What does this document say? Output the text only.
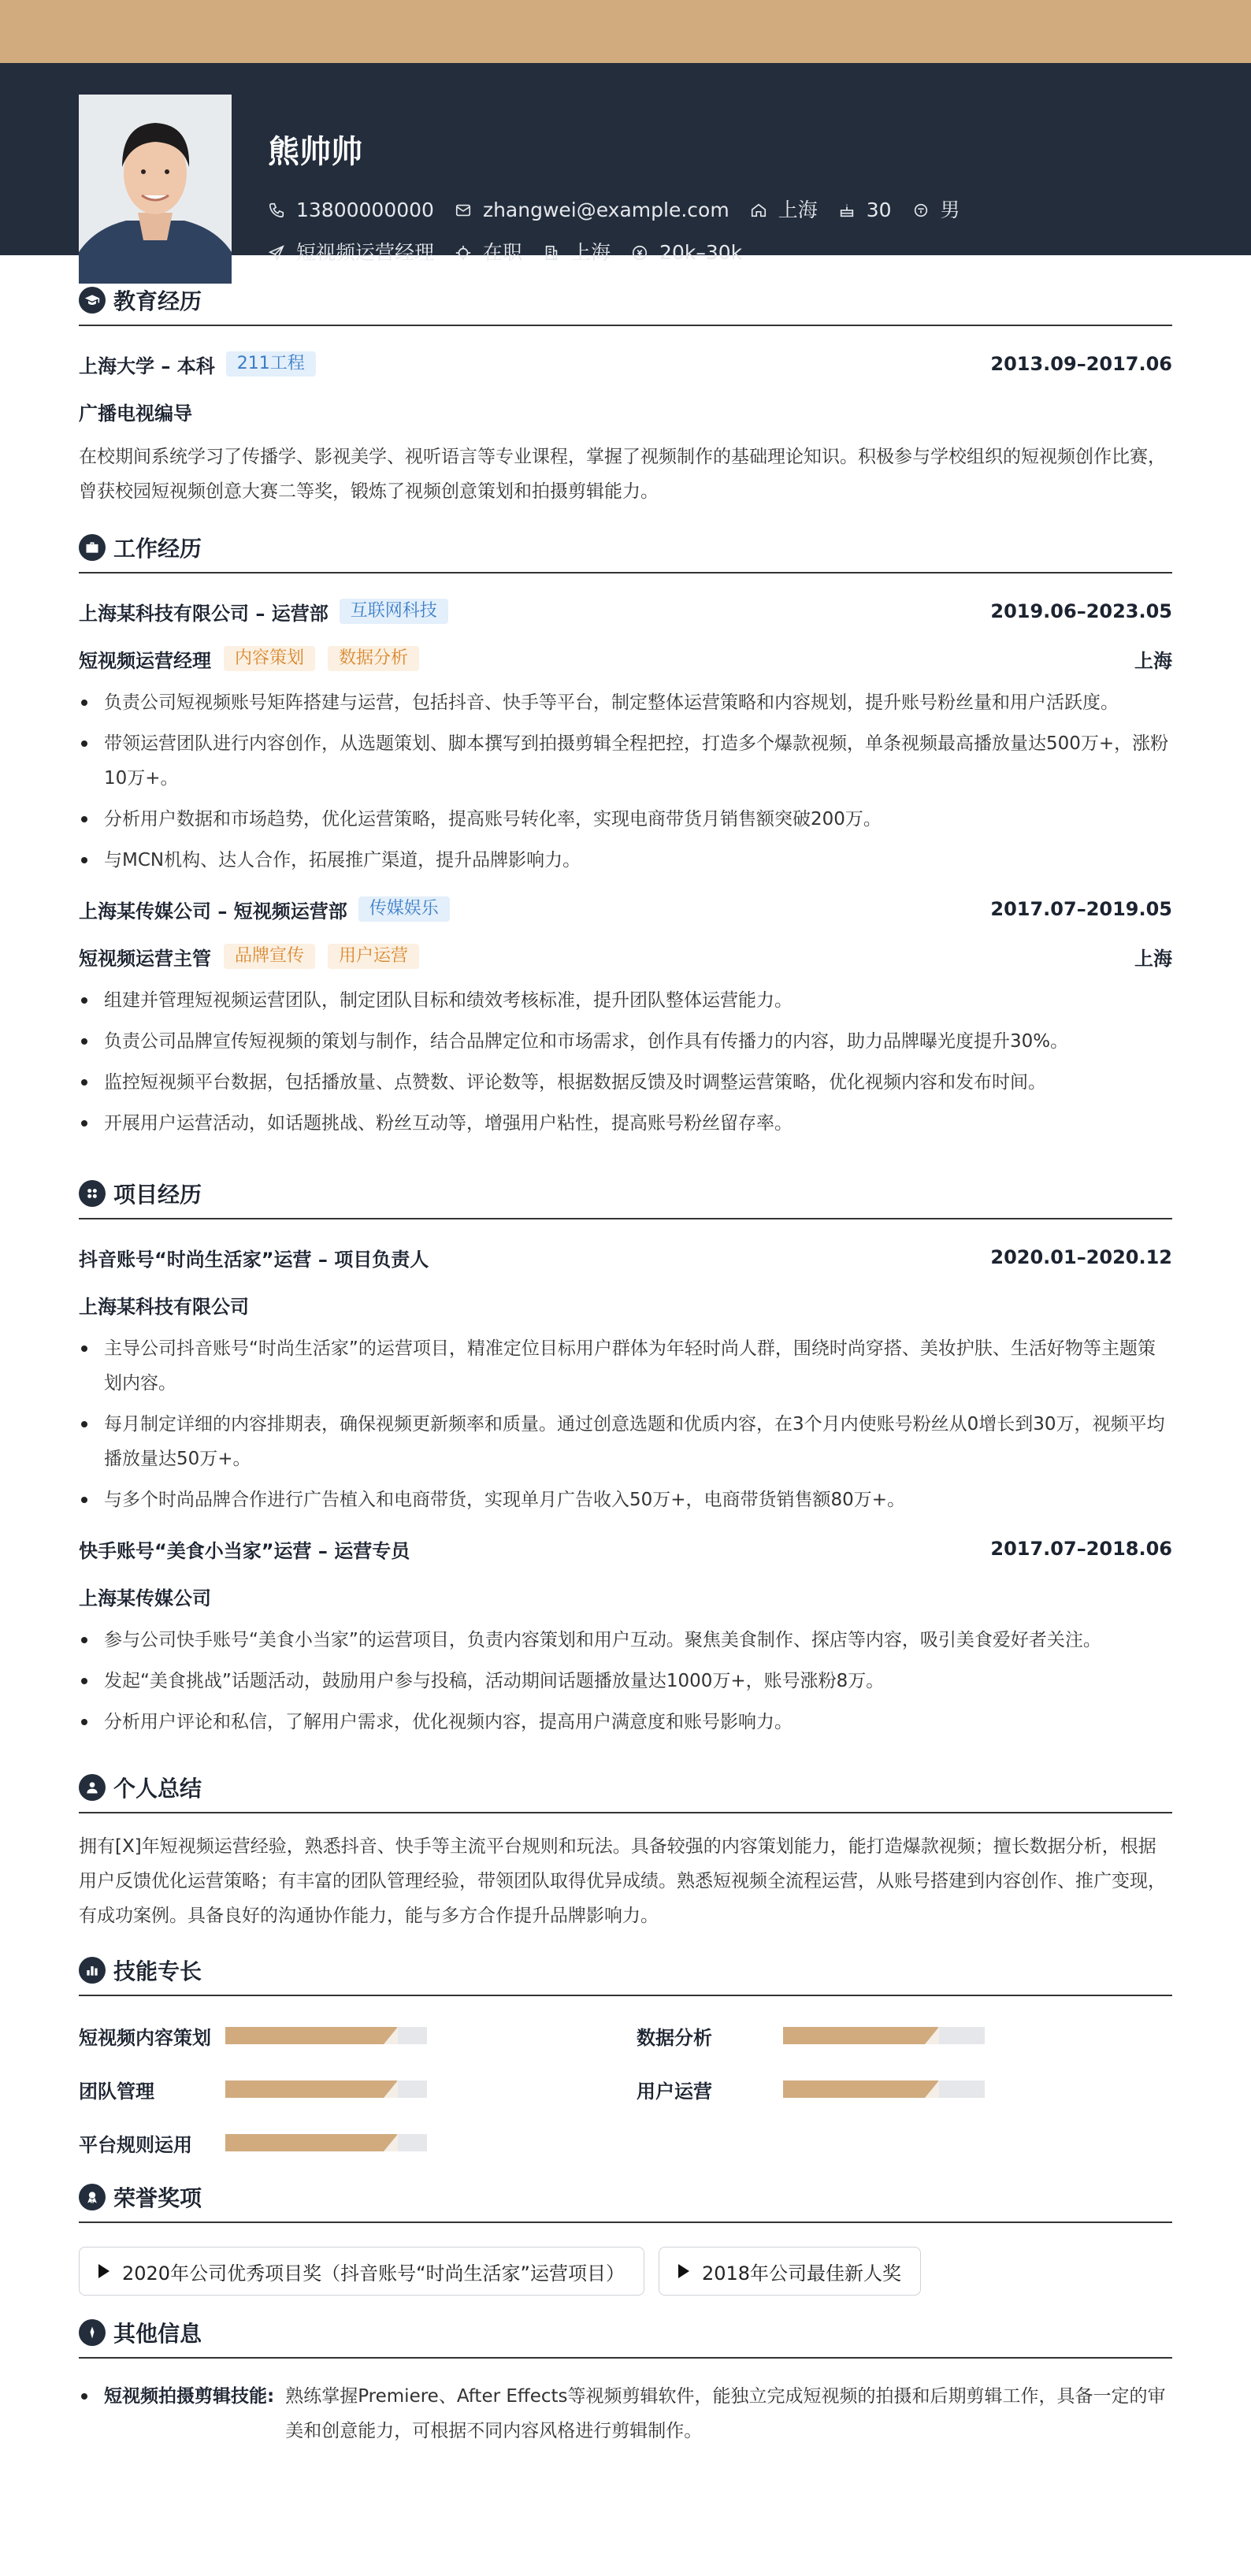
熊帅帅
13800000000 zhangwei@example.com 上海 30 男
短视频运营经理 在职 上海 20k–30k
教育经历
上海大学 – 本科	211工程	2013.09–2017.06
广播电视编导
在校期间系统学习了传播学、影视美学、视听语言等专业课程，掌握了视频制作的基础理论知识。积极参与学校组织的短视频创作比赛，曾获校园短视频创意大赛二等奖，锻炼了视频创意策划和拍摄剪辑能力。
工作经历
上海某科技有限公司 – 运营部	互联网科技	2019.06–2023.05
短视频运营经理	内容策划	数据分析	上海
负责公司短视频账号矩阵搭建与运营，包括抖音、快手等平台，制定整体运营策略和内容规划，提升账号粉丝量和用户活跃度。
带领运营团队进行内容创作，从选题策划、脚本撰写到拍摄剪辑全程把控，打造多个爆款视频，单条视频最高播放量达500万+，涨粉10万+。
分析用户数据和市场趋势，优化运营策略，提高账号转化率，实现电商带货月销售额突破200万。
与MCN机构、达人合作，拓展推广渠道，提升品牌影响力。
上海某传媒公司 – 短视频运营部	传媒娱乐	2017.07–2019.05
短视频运营主管	品牌宣传	用户运营	上海
组建并管理短视频运营团队，制定团队目标和绩效考核标准，提升团队整体运营能力。
负责公司品牌宣传短视频的策划与制作，结合品牌定位和市场需求，创作具有传播力的内容，助力品牌曝光度提升30%。
监控短视频平台数据，包括播放量、点赞数、评论数等，根据数据反馈及时调整运营策略，优化视频内容和发布时间。
开展用户运营活动，如话题挑战、粉丝互动等，增强用户粘性，提高账号粉丝留存率。
项目经历
抖音账号“时尚生活家”运营 – 项目负责人	2020.01–2020.12
上海某科技有限公司
主导公司抖音账号“时尚生活家”的运营项目，精准定位目标用户群体为年轻时尚人群，围绕时尚穿搭、美妆护肤、生活好物等主题策划内容。
每月制定详细的内容排期表，确保视频更新频率和质量。通过创意选题和优质内容，在3个月内使账号粉丝从0增长到30万，视频平均播放量达50万+。
与多个时尚品牌合作进行广告植入和电商带货，实现单月广告收入50万+，电商带货销售额80万+。
快手账号“美食小当家”运营 – 运营专员	2017.07–2018.06
上海某传媒公司
参与公司快手账号“美食小当家”的运营项目，负责内容策划和用户互动。聚焦美食制作、探店等内容，吸引美食爱好者关注。
发起“美食挑战”话题活动，鼓励用户参与投稿，活动期间话题播放量达1000万+，账号涨粉8万。
分析用户评论和私信，了解用户需求，优化视频内容，提高用户满意度和账号影响力。
个人总结
拥有[X]年短视频运营经验，熟悉抖音、快手等主流平台规则和玩法。具备较强的内容策划能力，能打造爆款视频；擅长数据分析，根据用户反馈优化运营策略；有丰富的团队管理经验，带领团队取得优异成绩。熟悉短视频全流程运营，从账号搭建到内容创作、推广变现，有成功案例。具备良好的沟通协作能力，能与多方合作提升品牌影响力。
技能专长
短视频内容策划	数据分析
团队管理	用户运营
平台规则运用
荣誉奖项
2020年公司优秀项目奖（抖音账号“时尚生活家”运营项目）	2018年公司最佳新人奖
其他信息
短视频拍摄剪辑技能: 熟练掌握Premiere、After Effects等视频剪辑软件，能独立完成短视频的拍摄和后期剪辑工作，具备一定的审美和创意能力，可根据不同内容风格进行剪辑制作。
